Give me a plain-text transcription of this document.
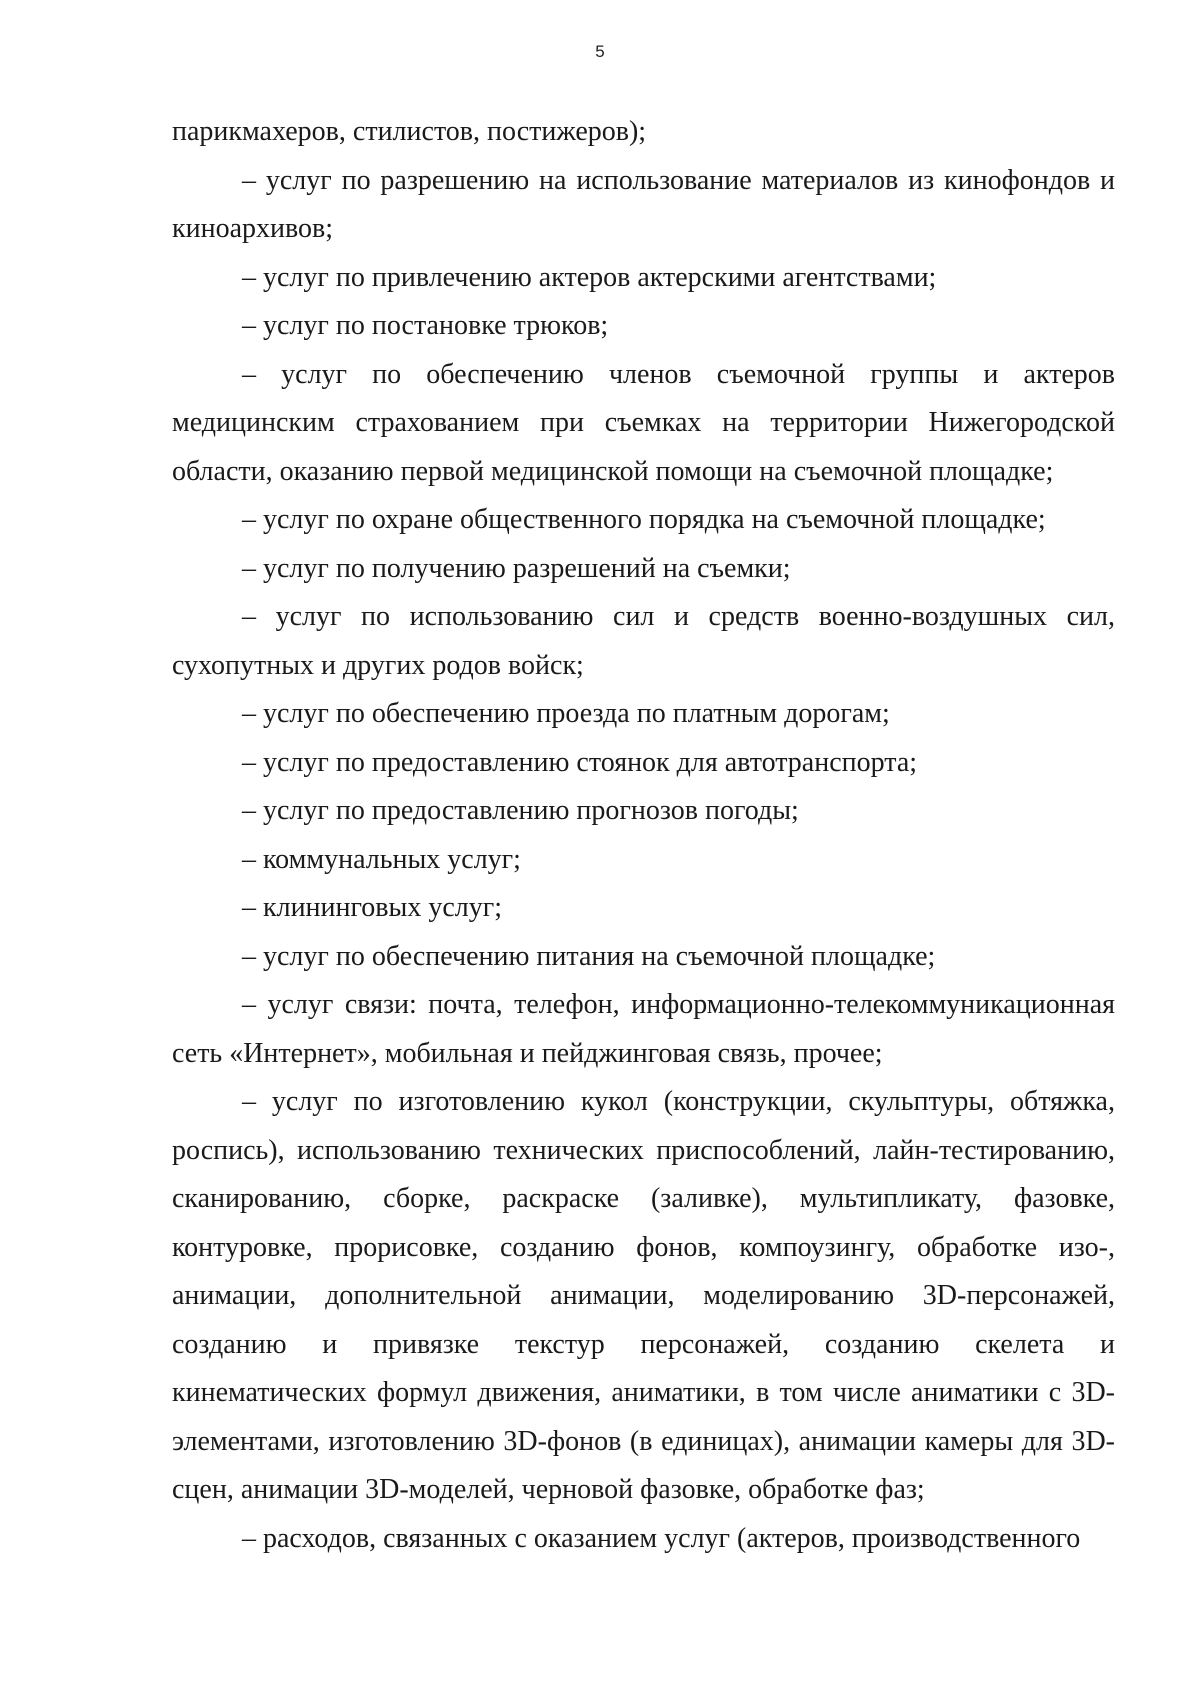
5

парикмахеров, стилистов, постижеров);

– услуг по разрешению на использование материалов из кинофондов и киноархивов;

– услуг по привлечению актеров актерскими агентствами;

– услуг по постановке трюков;

– услуг по обеспечению членов съемочной группы и актеров медицинским страхованием при съемках на территории Нижегородской области, оказанию первой медицинской помощи на съемочной площадке;

– услуг по охране общественного порядка на съемочной площадке;

– услуг по получению разрешений на съемки;

– услуг по использованию сил и средств военно-воздушных сил, сухопутных и других родов войск;

– услуг по обеспечению проезда по платным дорогам;

– услуг по предоставлению стоянок для автотранспорта;

– услуг по предоставлению прогнозов погоды;

– коммунальных услуг;

– клининговых услуг;

– услуг по обеспечению питания на съемочной площадке;

– услуг связи: почта, телефон, информационно-телекоммуникационная сеть «Интернет», мобильная и пейджинговая связь, прочее;

– услуг по изготовлению кукол (конструкции, скульптуры, обтяжка, роспись), использованию технических приспособлений, лайн-тестированию, сканированию, сборке, раскраске (заливке), мультипликату, фазовке, контуровке, прорисовке, созданию фонов, компоузингу, обработке изо-, анимации, дополнительной анимации, моделированию 3D-персонажей, созданию и привязке текстур персонажей, созданию скелета и кинематических формул движения, аниматики, в том числе аниматики с 3D-элементами, изготовлению 3D-фонов (в единицах), анимации камеры для 3D-сцен, анимации 3D-моделей, черновой фазовке, обработке фаз;

– расходов, связанных с оказанием услуг (актеров, производственного
